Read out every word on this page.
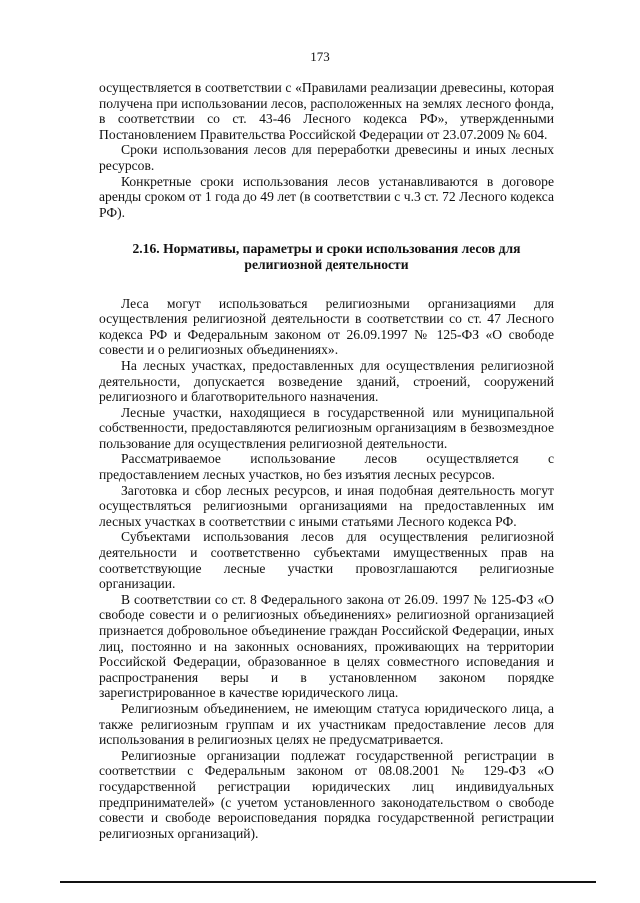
173

осуществляется в соответствии с «Правилами реализации древесины, которая получена при использовании лесов, расположенных на землях лесного фонда, в соответствии со ст. 43-46 Лесного кодекса РФ», утвержденными Постановлением Правительства Российской Федерации от 23.07.2009 № 604.

Сроки использования лесов для переработки древесины и иных лесных ресурсов.

Конкретные сроки использования лесов устанавливаются в договоре аренды сроком от 1 года до 49 лет (в соответствии с ч.3 ст. 72 Лесного кодекса РФ).

2.16. Нормативы, параметры и сроки использования лесов для религиозной деятельности

Леса могут использоваться религиозными организациями для осуществления религиозной деятельности в соответствии со ст. 47 Лесного кодекса РФ и Федеральным законом от 26.09.1997 № 125-ФЗ «О свободе совести и о религиозных объединениях».

На лесных участках, предоставленных для осуществления религиозной деятельности, допускается возведение зданий, строений, сооружений религиозного и благотворительного назначения.

Лесные участки, находящиеся в государственной или муниципальной собственности, предоставляются религиозным организациям в безвозмездное пользование для осуществления религиозной деятельности.

Рассматриваемое использование лесов осуществляется с предоставлением лесных участков, но без изъятия лесных ресурсов.

Заготовка и сбор лесных ресурсов, и иная подобная деятельность могут осуществляться религиозными организациями на предоставленных им лесных участках в соответствии с иными статьями Лесного кодекса РФ.

Субъектами использования лесов для осуществления религиозной деятельности и соответственно субъектами имущественных прав на соответствующие лесные участки провозглашаются религиозные организации.

В соответствии со ст. 8 Федерального закона от 26.09. 1997 № 125-ФЗ «О свободе совести и о религиозных объединениях» религиозной организацией признается добровольное объединение граждан Российской Федерации, иных лиц, постоянно и на законных основаниях, проживающих на территории Российской Федерации, образованное в целях совместного исповедания и распространения веры и в установленном законом порядке зарегистрированное в качестве юридического лица.

Религиозным объединением, не имеющим статуса юридического лица, а также религиозным группам и их участникам предоставление лесов для использования в религиозных целях не предусматривается.

Религиозные организации подлежат государственной регистрации в соответствии с Федеральным законом от 08.08.2001 № 129-ФЗ «О государственной регистрации юридических лиц индивидуальных предпринимателей» (с учетом установленного законодательством о свободе совести и свободе вероисповедания порядка государственной регистрации религиозных организаций).
